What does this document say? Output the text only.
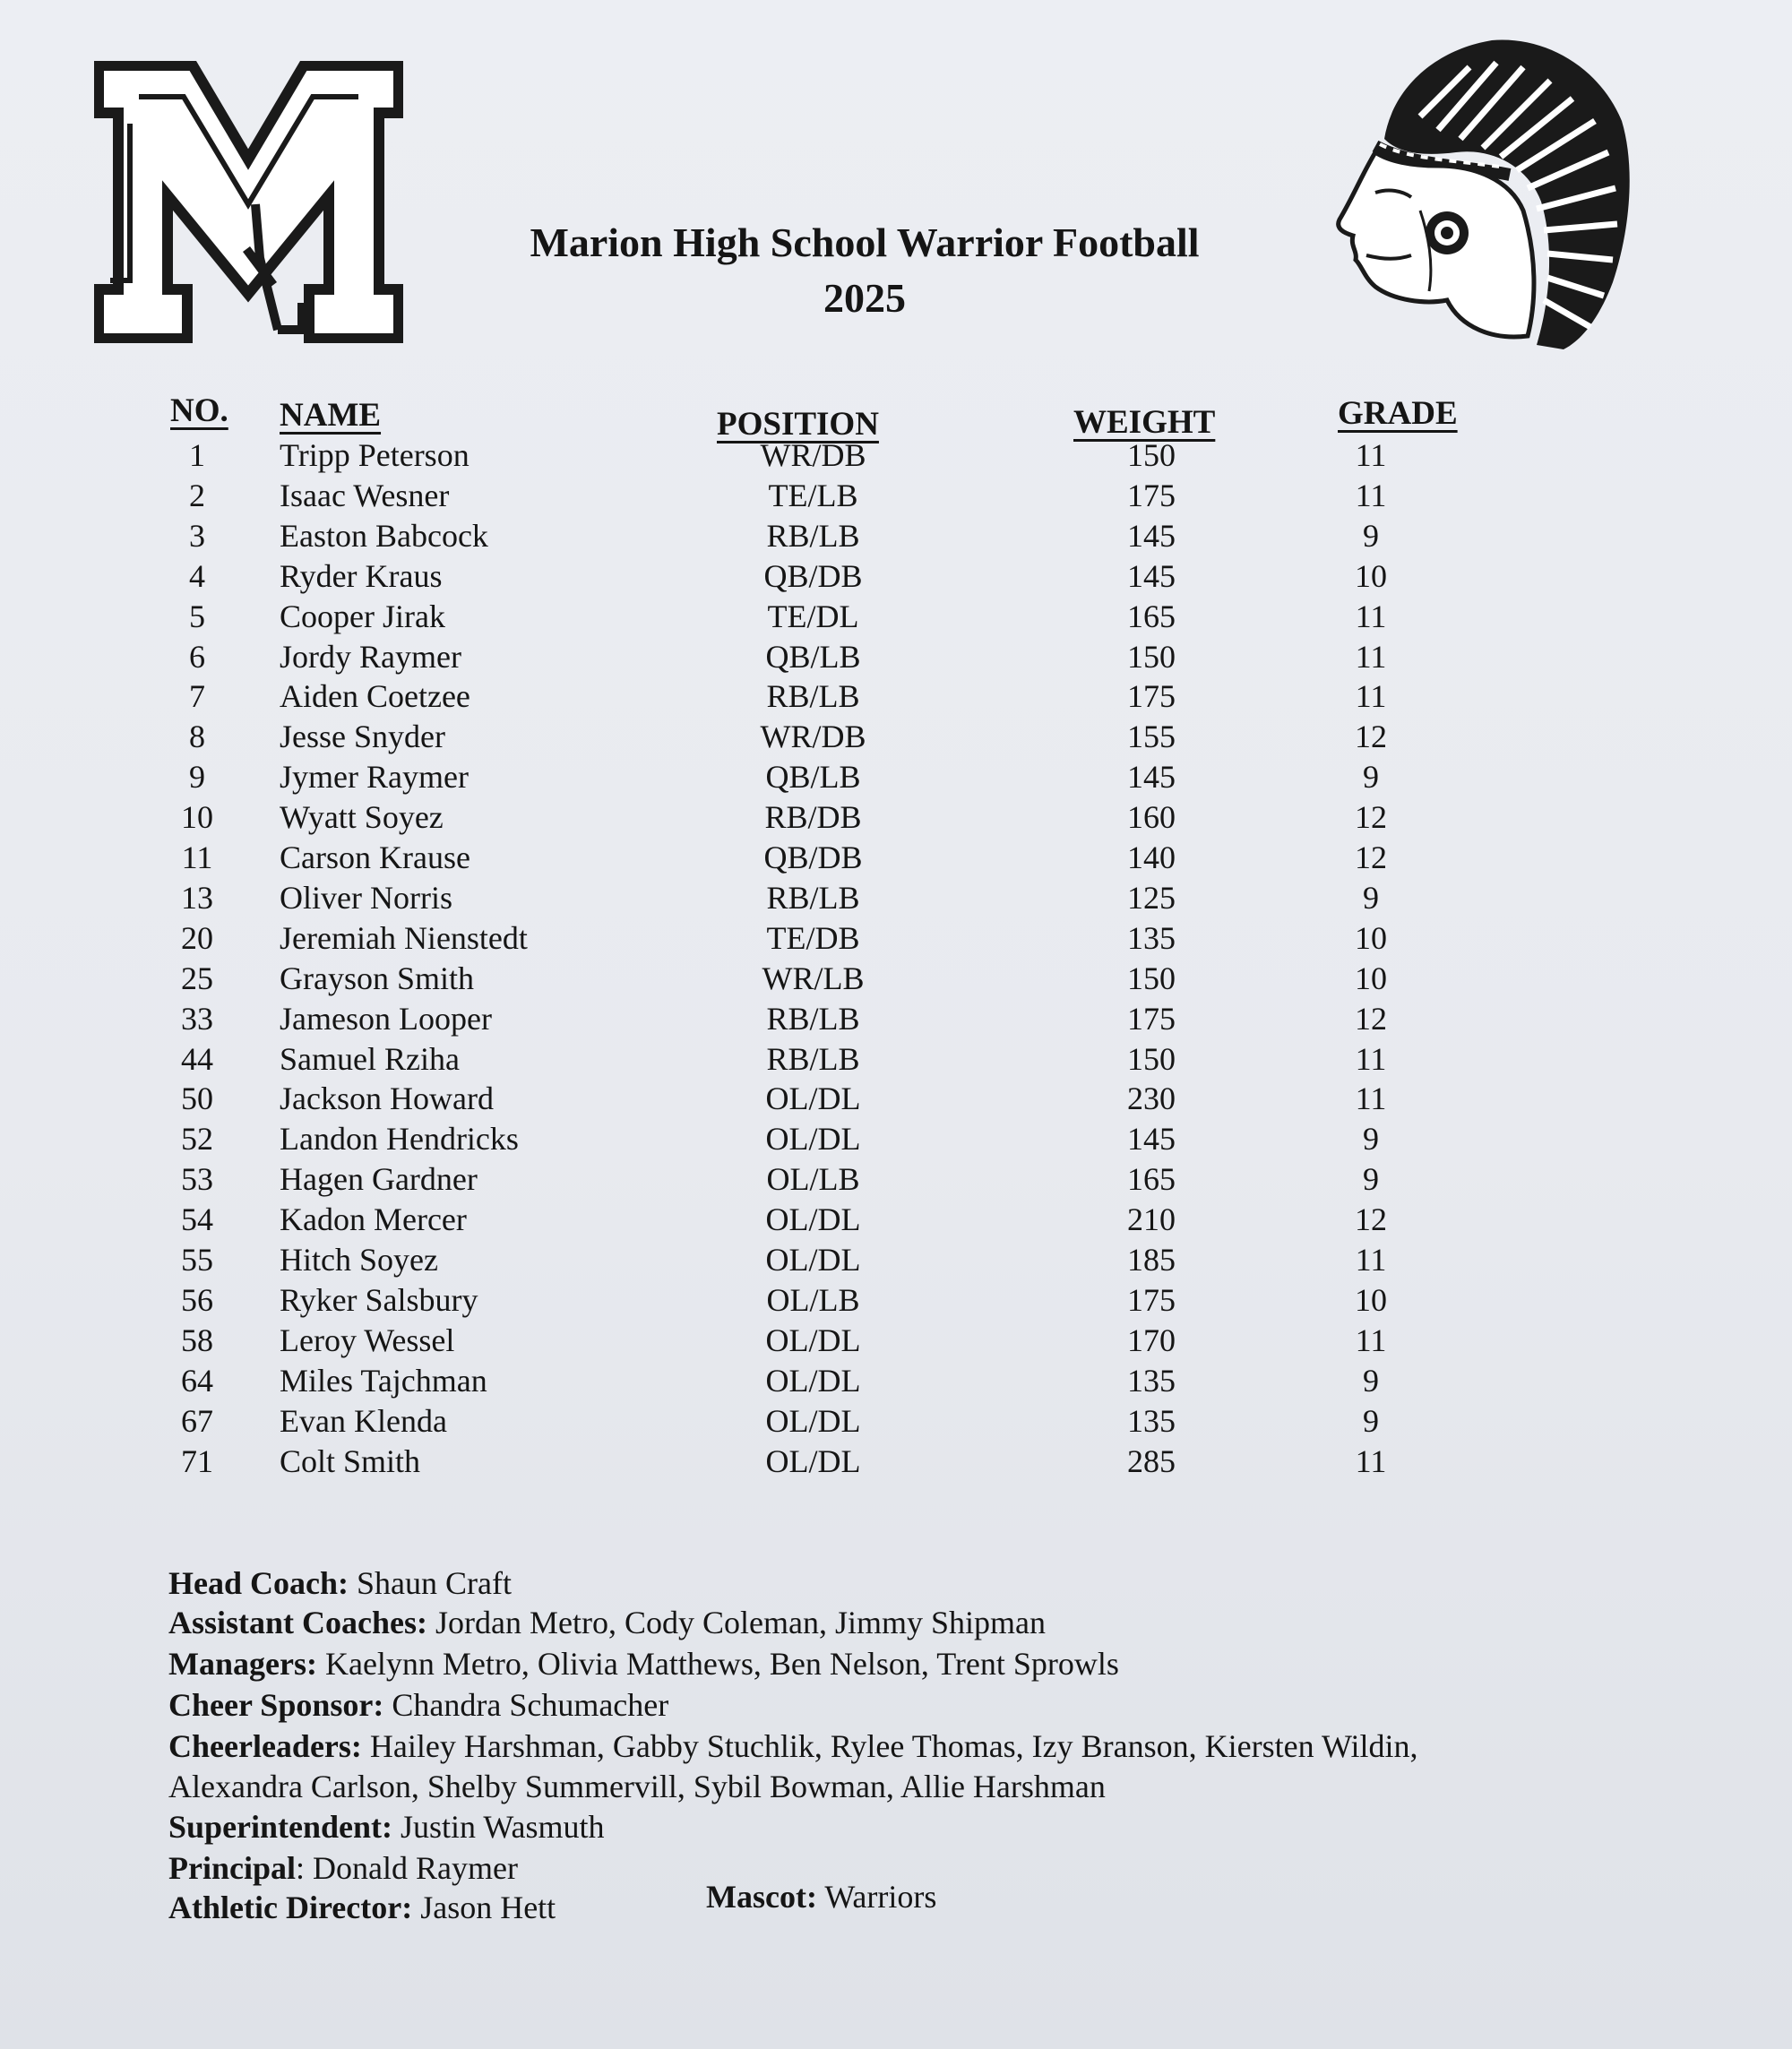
Marion High School Warrior Football
2025
NO. NAME	POSITION	WEIGHT	GRADE
1	Tripp Peterson	WR/DB	150	11
2	Isaac Wesner	TE/LB	175	11
3	Easton Babcock	RB/LB	145	9
4	Ryder Kraus	QB/DB	145	10
5	Cooper Jirak	TE/DL	165	11
6	Jordy Raymer	QB/LB	150	11
7	Aiden Coetzee	RB/LB	175	11
8	Jesse Snyder	WR/DB	155	12
9	Jymer Raymer	QB/LB	145	9
10	Wyatt Soyez	RB/DB	160	12
11	Carson Krause	QB/DB	140	12
13	Oliver Norris	RB/LB	125	9
20	Jeremiah Nienstedt	TE/DB	135	10
25	Grayson Smith	WR/LB	150	10
33	Jameson Looper	RB/LB	175	12
44	Samuel Rziha	RB/LB	150	11
50	Jackson Howard	OL/DL	230	11
52	Landon Hendricks	OL/DL	145	9
53	Hagen Gardner	OL/LB	165	9
54	Kadon Mercer	OL/DL	210	12
55	Hitch Soyez	OL/DL	185	11
56	Ryker Salsbury	OL/LB	175	10
58	Leroy Wessel	OL/DL	170	11
64	Miles Tajchman	OL/DL	135	9
67	Evan Klenda	OL/DL	135	9
71	Colt Smith	OL/DL	285	11
Head Coach: Shaun Craft
Assistant Coaches: Jordan Metro, Cody Coleman, Jimmy Shipman
Managers: Kaelynn Metro, Olivia Matthews, Ben Nelson, Trent Sprowls
Cheer Sponsor: Chandra Schumacher
Cheerleaders: Hailey Harshman, Gabby Stuchlik, Rylee Thomas, Izy Branson, Kiersten Wildin,
Alexandra Carlson, Shelby Summervill, Sybil Bowman, Allie Harshman
Superintendent: Justin Wasmuth
Principal: Donald Raymer
Athletic Director: Jason Hett	Mascot: Warriors
